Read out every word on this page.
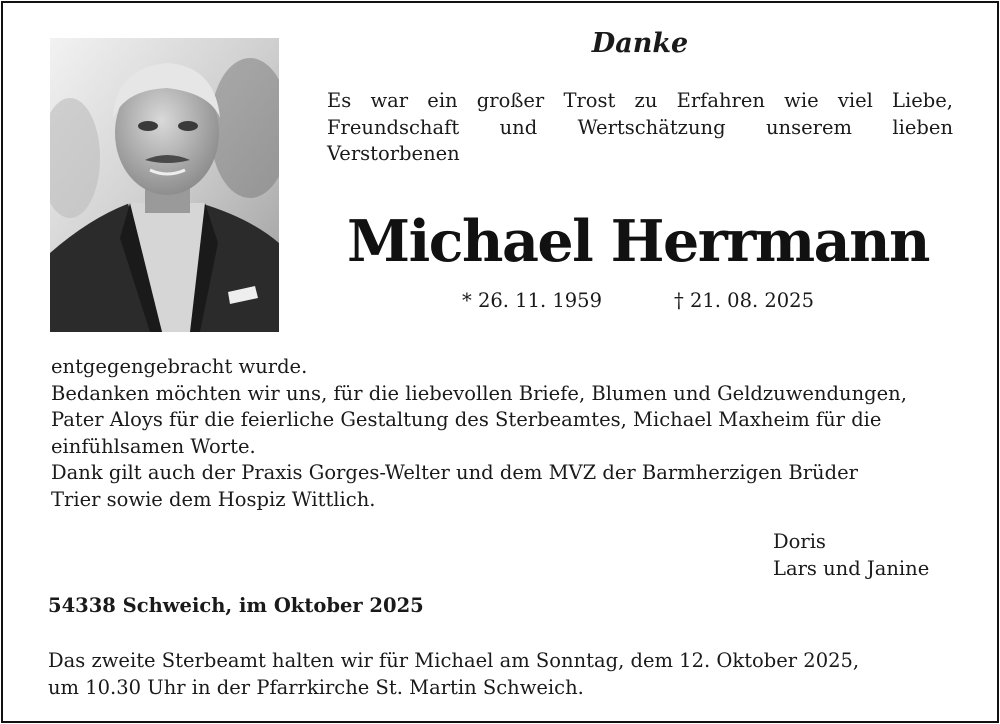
Danke
Es war ein großer Trost zu Erfahren wie viel Liebe,
Freundschaft und Wertschätzung unserem lieben
Verstorbenen
Michael Herrmann

* 26. 11. 1959	† 21. 08. 2025

entgegengebracht wurde.
Bedanken möchten wir uns, für die liebevollen Briefe, Blumen und Geldzuwendungen,
Pater Aloys für die feierliche Gestaltung des Sterbeamtes, Michael Maxheim für die
einfühlsamen Worte.
Dank gilt auch der Praxis Gorges-Welter und dem MVZ der Barmherzigen Brüder
Trier sowie dem Hospiz Wittlich.
Doris
Lars und Janine

54338 Schweich, im Oktober 2025

Das zweite Sterbeamt halten wir für Michael am Sonntag, dem 12. Oktober 2025,
um 10.30 Uhr in der Pfarrkirche St. Martin Schweich.
